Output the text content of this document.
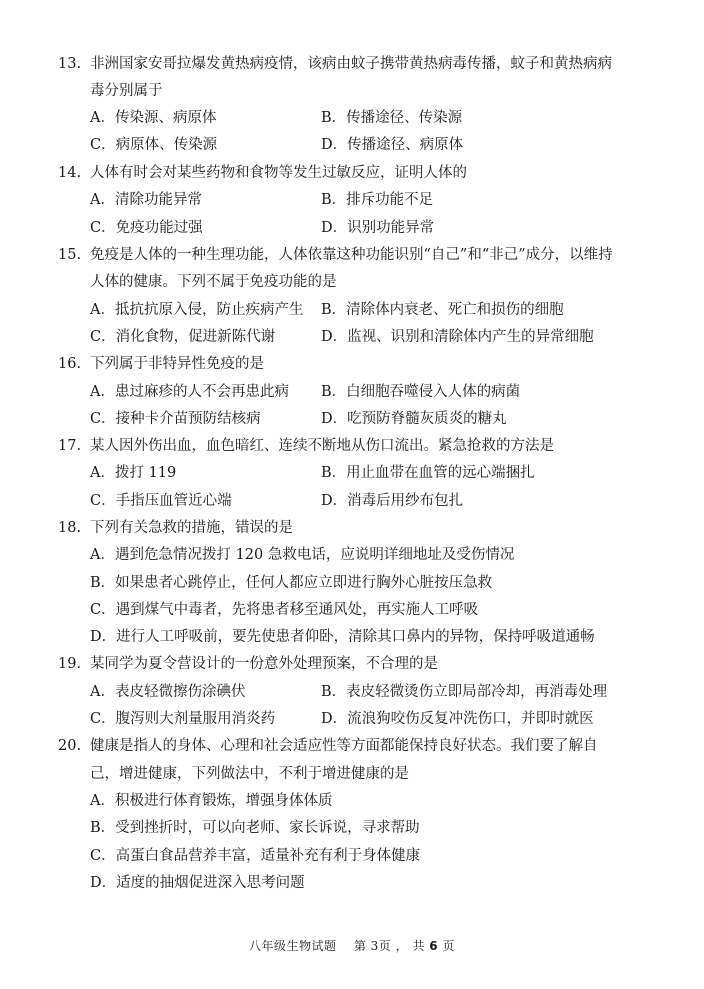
13. 非洲国家安哥拉爆发黄热病疫情，该病由蚊子携带黄热病毒传播，蚊子和黄热病病
毒分别属于
A．传染源、病原体	B．传播途径、传染源
C．病原体、传染源	D．传播途径、病原体
14. 人体有时会对某些药物和食物等发生过敏反应，证明人体的
A．清除功能异常	B．排斥功能不足
C．免疫功能过强	D．识别功能异常
15. 免疫是人体的一种生理功能，人体依靠这种功能识别“自己”和“非己”成分，以维持
人体的健康。下列不属于免疫功能的是
A．抵抗抗原入侵，防止疾病产生 B．清除体内衰老、死亡和损伤的细胞
C．消化食物，促进新陈代谢	D．监视、识别和清除体内产生的异常细胞
16. 下列属于非特异性免疫的是
A．患过麻疹的人不会再患此病 B．白细胞吞噬侵入人体的病菌
C．接种卡介苗预防结核病	D．吃预防脊髓灰质炎的糖丸
17. 某人因外伤出血，血色暗红、连续不断地从伤口流出。紧急抢救的方法是
A．拨打 119	B．用止血带在血管的远心端捆扎
C．手指压血管近心端	D．消毒后用纱布包扎
18. 下列有关急救的措施，错误的是
A．遇到危急情况拨打 120 急救电话，应说明详细地址及受伤情况
B．如果患者心跳停止，任何人都应立即进行胸外心脏按压急救
C．遇到煤气中毒者，先将患者移至通风处，再实施人工呼吸
D．进行人工呼吸前，要先使患者仰卧，清除其口鼻内的异物，保持呼吸道通畅
19. 某同学为夏令营设计的一份意外处理预案，不合理的是
A．表皮轻微擦伤涂碘伏	B．表皮轻微烫伤立即局部冷却，再消毒处理
C．腹泻则大剂量服用消炎药	D．流浪狗咬伤反复冲洗伤口，并即时就医
20. 健康是指人的身体、心理和社会适应性等方面都能保持良好状态。我们要了解自
己，增进健康，下列做法中，不利于增进健康的是
A．积极进行体育锻炼，增强身体体质
B．受到挫折时，可以向老师、家长诉说，寻求帮助
C．高蛋白食品营养丰富，适量补充有利于身体健康
D．适度的抽烟促进深入思考问题
八年级生物试题 第 3页 ， 共 6 页
